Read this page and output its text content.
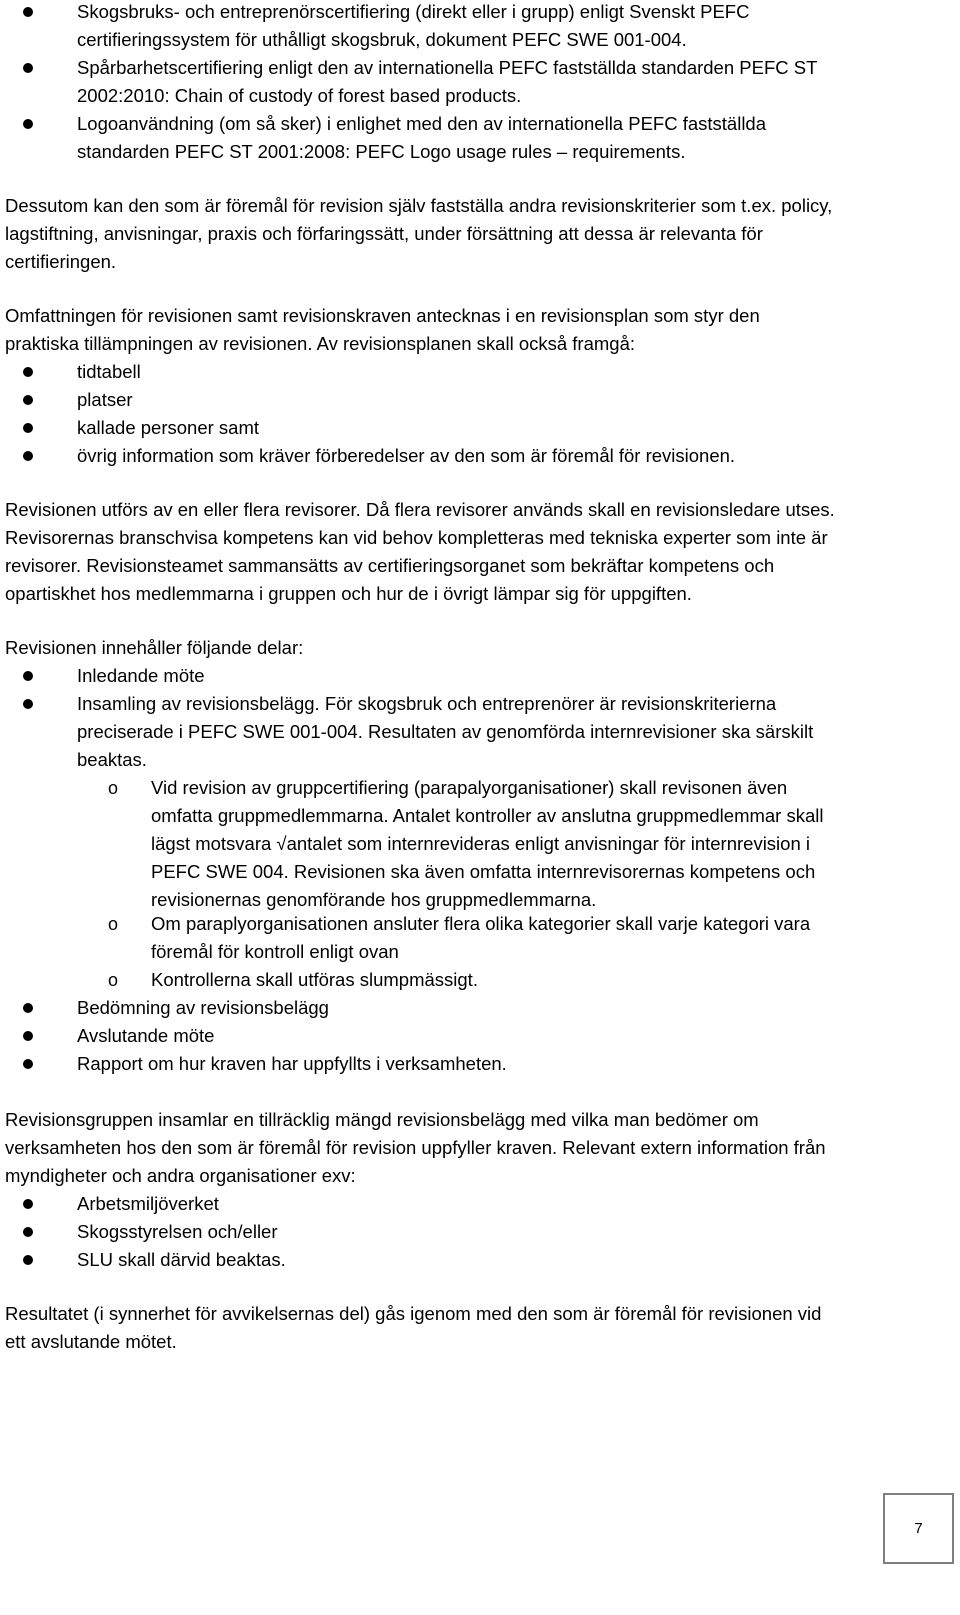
Skogsbruks- och entreprenörscertifiering (direkt eller i grupp) enligt Svenskt PEFC
certifieringssystem för uthålligt skogsbruk, dokument PEFC SWE 001-004.
Spårbarhetscertifiering enligt den av internationella PEFC fastställda standarden PEFC ST
2002:2010: Chain of custody of forest based products.
Logoanvändning (om så sker) i enlighet med den av internationella PEFC fastställda
standarden PEFC ST 2001:2008: PEFC Logo usage rules – requirements.
Dessutom kan den som är föremål för revision själv fastställa andra revisionskriterier som t.ex. policy,
lagstiftning, anvisningar, praxis och förfaringssätt, under försättning att dessa är relevanta för
certifieringen.
Omfattningen för revisionen samt revisionskraven antecknas i en revisionsplan som styr den
praktiska tillämpningen av revisionen. Av revisionsplanen skall också framgå:
tidtabell
platser
kallade personer samt
övrig information som kräver förberedelser av den som är föremål för revisionen.
Revisionen utförs av en eller flera revisorer. Då flera revisorer används skall en revisionsledare utses.
Revisorernas branschvisa kompetens kan vid behov kompletteras med tekniska experter som inte är
revisorer. Revisionsteamet sammansätts av certifieringsorganet som bekräftar kompetens och
opartiskhet hos medlemmarna i gruppen och hur de i övrigt lämpar sig för uppgiften.
Revisionen innehåller följande delar:
Inledande möte
Insamling av revisionsbelägg. För skogsbruk och entreprenörer är revisionskriterierna
preciserade i PEFC SWE 001-004. Resultaten av genomförda internrevisioner ska särskilt
beaktas.
o Vid revision av gruppcertifiering (parapalyorganisationer) skall revisonen även
omfatta gruppmedlemmarna. Antalet kontroller av anslutna gruppmedlemmar skall
lägst motsvara √antalet som internrevideras enligt anvisningar för internrevision i
PEFC SWE 004. Revisionen ska även omfatta internrevisorernas kompetens och
revisionernas genomförande hos gruppmedlemmarna.
o Om paraplyorganisationen ansluter flera olika kategorier skall varje kategori vara
föremål för kontroll enligt ovan
o Kontrollerna skall utföras slumpmässigt.
Bedömning av revisionsbelägg
Avslutande möte
Rapport om hur kraven har uppfyllts i verksamheten.
Revisionsgruppen insamlar en tillräcklig mängd revisionsbelägg med vilka man bedömer om
verksamheten hos den som är föremål för revision uppfyller kraven. Relevant extern information från
myndigheter och andra organisationer exv:
Arbetsmiljöverket
Skogsstyrelsen och/eller
SLU skall därvid beaktas.
Resultatet (i synnerhet för avvikelsernas del) gås igenom med den som är föremål för revisionen vid
ett avslutande mötet.
7
